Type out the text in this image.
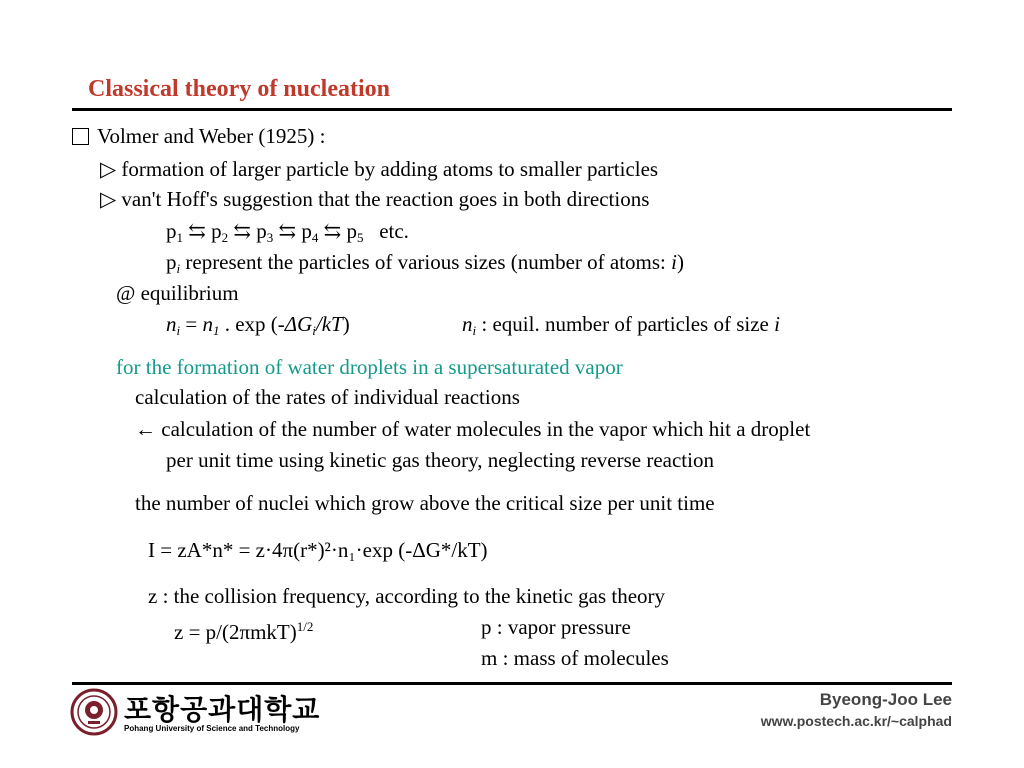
Classical theory of nucleation
Volmer and Weber (1925) :
▷ formation of larger particle by adding atoms to smaller particles
▷ van't Hoff's suggestion that the reaction goes in both directions
$p_1$ ⇆ $p_2$ ⇆ $p_3$ ⇆ $p_4$ ⇆ $p_5$ etc.
$p_i$ represent the particles of various sizes (number of atoms: i)
@ equilibrium
$n_i = n_1$ . $\exp (-\Delta G_i/kT)$	$n_i$ : equil. number of particles of size i
for the formation of water droplets in a supersaturated vapor
calculation of the rates of individual reactions
← calculation of the number of water molecules in the vapor which hit a droplet
per unit time using kinetic gas theory, neglecting reverse reaction
the number of nuclei which grow above the critical size per unit time
I = zA*n* = z·4π(r*)²·n₁·exp (-ΔG*/kT)
z : the collision frequency, according to the kinetic gas theory
$z = p/(2\pi mkT)^{1/2}$	p : vapor pressure
m : mass of molecules
포항공과대학교
Pohang University of Science and Technology
Byeong-Joo Lee
www.postech.ac.kr/~calphad
